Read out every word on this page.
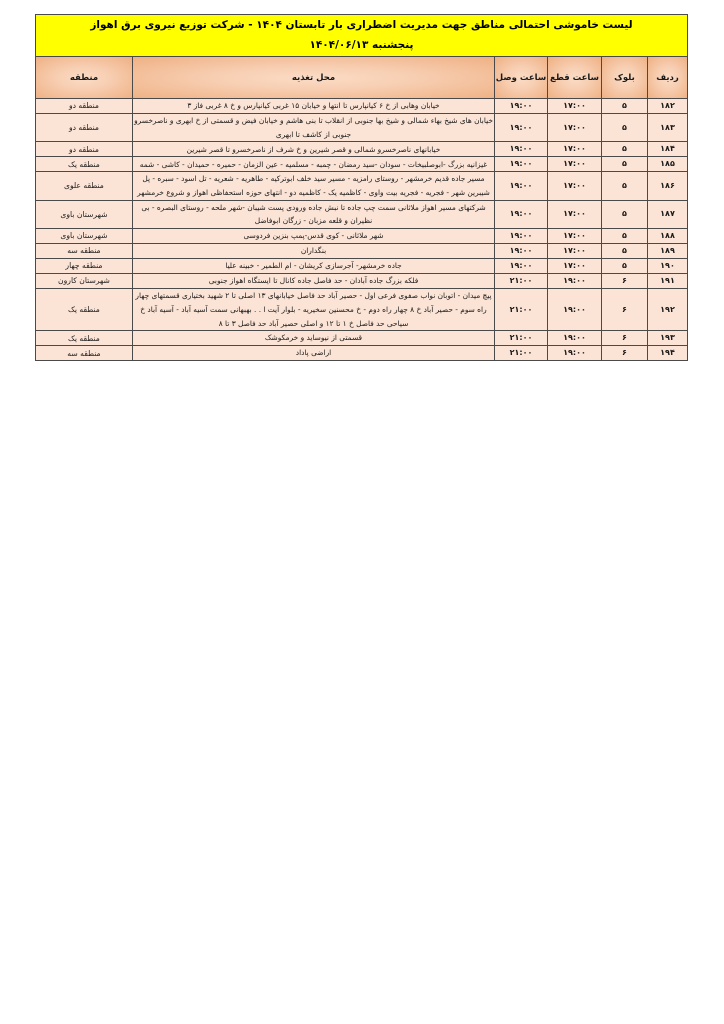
لیست خاموشی احتمالی مناطق جهت مدیریت اضطراری بار تابستان ۱۴۰۴ - شرکت توزیع نیروی برق اهواز
پنجشنبه ۱۴۰۴/۰۶/۱۳					

ردیف	بلوک	ساعت قطع	ساعت وصل	محل تغذیه	منطقه
۱۸۲	۵	۱۷:۰۰	۱۹:۰۰	خیابان وهابی از خ ۶ کیانپارس تا انتها و خیابان ۱۵ غربی کیانپارس و خ ۸ غربی فاز ۳	منطقه دو
۱۸۳	۵	۱۷:۰۰	۱۹:۰۰	خیابان های شیخ بهاء شمالی و شیخ بها جنوبی از انقلاب تا بنی هاشم و خیابان فیض و قسمتی از خ ابهری و ناصرخسرو جنوبی از کاشف تا ابهری	منطقه دو
۱۸۴	۵	۱۷:۰۰	۱۹:۰۰	خیابانهای ناصرخسرو شمالی و قصر شیرین و خ شرف از ناصرخسرو تا قصر شیرین	منطقه دو
۱۸۵	۵	۱۷:۰۰	۱۹:۰۰	غیزانیه بزرگ -ابوصلبیخات - سودان -سید رمضان - چمبه - مسلمیه - عین الزمان - حمیره - حمیدان - کاشی - شمه	منطقه یک
۱۸۶	۵	۱۷:۰۰	۱۹:۰۰	مسیر جاده قدیم خرمشهر - روستای رامزیه - مسیر سید خلف ابوترکیه - طاهریه - شعریه - تل اسود - سبره - پل شیبرین شهر - فجریه - فجریه بیت واوی - کاظمیه یک - کاظمیه دو - انتهای حوزه استحفاظی اهواز و شروع خرمشهر	منطقه علوی
۱۸۷	۵	۱۷:۰۰	۱۹:۰۰	شرکتهای مسیر اهواز ملاثانی سمت چپ جاده تا نبش جاده ورودی پست شیبان -شهر ملحه - روستای البصره - بی نظیران و قلعه مزبان - زرگان ابوفاضل	شهرستان باوی
۱۸۸	۵	۱۷:۰۰	۱۹:۰۰	شهر ملاثانی - کوی قدس-پمپ بنزین فردوسی	شهرستان باوی
۱۸۹	۵	۱۷:۰۰	۱۹:۰۰	بنگداران	منطقه سه
۱۹۰	۵	۱۷:۰۰	۱۹:۰۰	جاده خرمشهر- آجرسازی کریشان - ام الطمیر - خبینه علیا	منطقه چهار
۱۹۱	۶	۱۹:۰۰	۲۱:۰۰	فلکه بزرگ جاده آبادان - حد فاصل جاده کانال تا ایستگاه اهواز جنوبی	شهرستان کارون
۱۹۲	۶	۱۹:۰۰	۲۱:۰۰	پیچ میدان - اتوبان نواب صفوی فرعی اول - حصیر آباد حد فاصل خیابانهای ۱۳ اصلی تا ۲ شهید بختیاری قسمتهای چهار راه سوم - حصیر آباد خ ۸ چهار راه دوم - خ محسنین سخیریه - بلوار آیت ا . . بهبهانی سمت آسیه آباد - آسیه آباد خ سیاحی حد فاصل خ ۱ تا ۱۲ و اصلی حصیر آباد حد فاصل ۳ تا ۸	منطقه یک
۱۹۳	۶	۱۹:۰۰	۲۱:۰۰	قسمتی از نیوساید و خرمکوشک	منطقه یک
۱۹۴	۶	۱۹:۰۰	۲۱:۰۰	اراضی پاداد	منطقه سه
